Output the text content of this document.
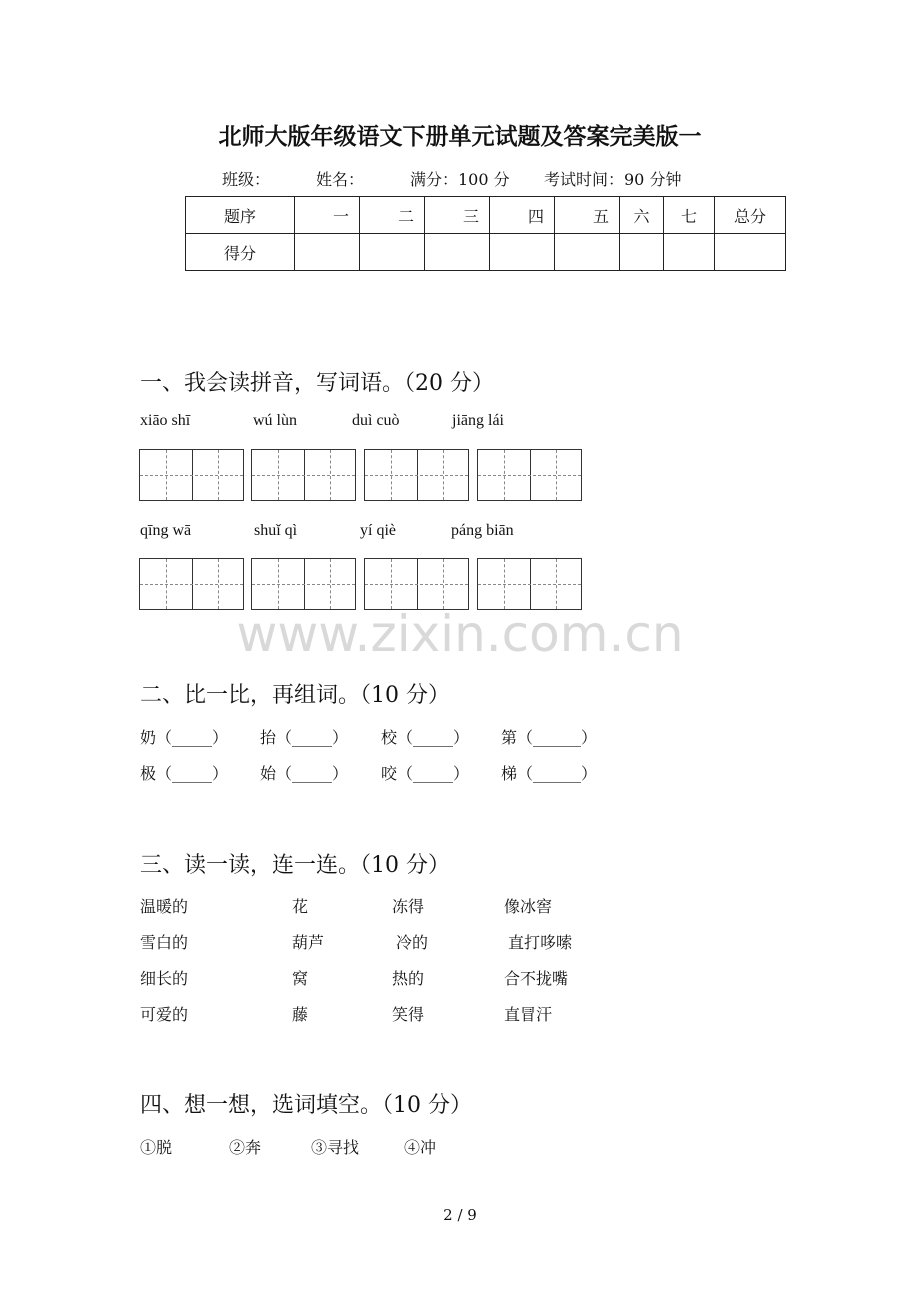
北师大版年级语文下册单元试题及答案完美版一
班级：	姓名：	满分：100 分 考试时间：90 分钟
题序	一	二	三	四	五	六	七	总分
得分								
一、我会读拼音，写词语。（20 分）
xiāo shī	wú lùn	duì cuò	jiāng lái
qīng wā	shuǐ qì	yí qiè	páng biān
www.zixin.com.cn
二、比一比，再组词。（10 分）
奶（_____） 抬（_____） 校（_____） 第（______）
极（_____） 始（_____） 咬（_____） 梯（______）
三、读一读，连一连。（10 分）
温暖的	花	冻得	像冰窖
雪白的	葫芦	冷的	直打哆嗦
细长的	窝	热的	合不拢嘴
可爱的	藤	笑得	直冒汗
四、想一想，选词填空。（10 分）
①脱	②奔	③寻找	④冲
2 / 9
